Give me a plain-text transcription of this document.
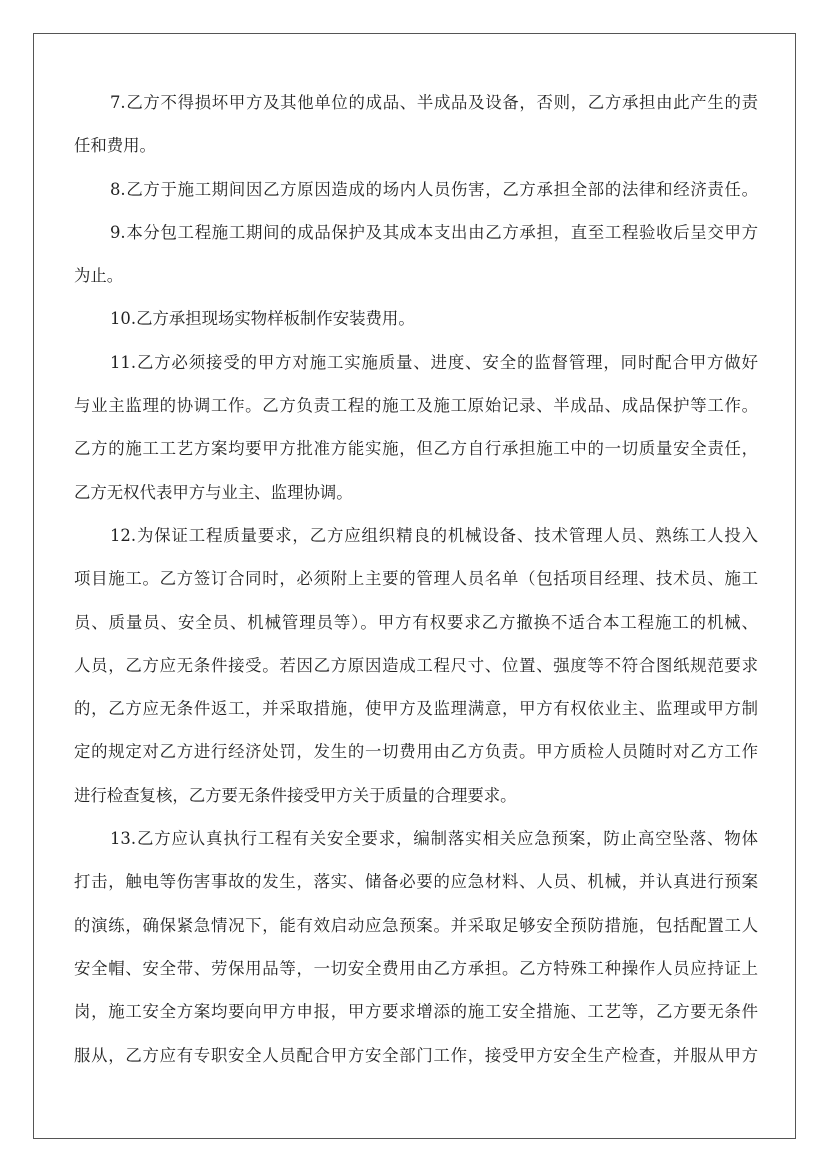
7.乙方不得损坏甲方及其他单位的成品、半成品及设备，否则，乙方承担由此产生的责
任和费用。
8.乙方于施工期间因乙方原因造成的场内人员伤害，乙方承担全部的法律和经济责任。
9.本分包工程施工期间的成品保护及其成本支出由乙方承担，直至工程验收后呈交甲方
为止。
10.乙方承担现场实物样板制作安装费用。
11.乙方必须接受的甲方对施工实施质量、进度、安全的监督管理，同时配合甲方做好
与业主监理的协调工作。乙方负责工程的施工及施工原始记录、半成品、成品保护等工作。
乙方的施工工艺方案均要甲方批准方能实施，但乙方自行承担施工中的一切质量安全责任，
乙方无权代表甲方与业主、监理协调。
12.为保证工程质量要求，乙方应组织精良的机械设备、技术管理人员、熟练工人投入
项目施工。乙方签订合同时，必须附上主要的管理人员名单（包括项目经理、技术员、施工
员、质量员、安全员、机械管理员等）。甲方有权要求乙方撤换不适合本工程施工的机械、
人员，乙方应无条件接受。若因乙方原因造成工程尺寸、位置、强度等不符合图纸规范要求
的，乙方应无条件返工，并采取措施，使甲方及监理满意，甲方有权依业主、监理或甲方制
定的规定对乙方进行经济处罚，发生的一切费用由乙方负责。甲方质检人员随时对乙方工作
进行检查复核，乙方要无条件接受甲方关于质量的合理要求。
13.乙方应认真执行工程有关安全要求，编制落实相关应急预案，防止高空坠落、物体
打击，触电等伤害事故的发生，落实、储备必要的应急材料、人员、机械，并认真进行预案
的演练，确保紧急情况下，能有效启动应急预案。并采取足够安全预防措施，包括配置工人
安全帽、安全带、劳保用品等，一切安全费用由乙方承担。乙方特殊工种操作人员应持证上
岗，施工安全方案均要向甲方申报，甲方要求增添的施工安全措施、工艺等，乙方要无条件
服从，乙方应有专职安全人员配合甲方安全部门工作，接受甲方安全生产检查，并服从甲方
